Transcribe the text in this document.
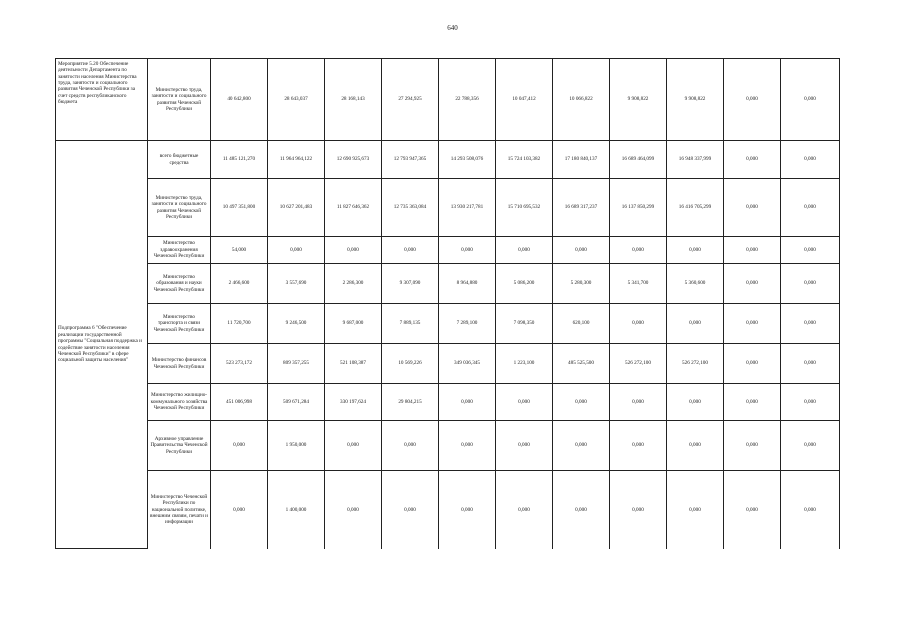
640
Мероприятие 5.20 Обеспечение деятельности Департамента по занятости населения Министерства труда, занятости и социального развития Чеченской Республики за счет средств республиканского бюджета	Министерство труда, занятости и социального развития Чеченской Республики	40 642,800	28 643,037	28 168,143	27 294,925	22 788,356	10 047,412	10 066,822	9 908,822	9 908,822	0,000	0,000
Подпрограмма 6 "Обеспечение реализации государственной программы "Социальная поддержка и содействие занятости населения Чеченской Республики" в сфере социальной защиты населения"	всего бюджетные средства	11 485 121,270	11 964 964,122	12 690 925,673	12 793 947,365	14 293 508,076	15 724 103,382	17 180 840,137	16 689 464,099	16 948 337,999	0,000	0,000
	Министерство труда, занятости и социального развития Чеченской Республики	10 497 351,800	10 627 201,483	11 827 646,362	12 735 363,084	13 930 217,781	15 710 695,532	16 689 317,237	16 137 850,299	16 416 705,299	0,000	0,000
	Министерство здравоохранения Чеченской Республики	54,000	0,000	0,000	0,000	0,000	0,000	0,000	0,000	0,000	0,000	0,000
	Министерство образования и науки Чеченской Республики	2 466,600	3 557,690	2 286,300	9 307,090	8 964,880	5 086,200	5 280,300	5 341,700	5 360,600	0,000	0,000
	Министерство транспорта и связи Чеченской Республики	11 720,700	9 246,500	9 687,000	7 889,135	7 289,100	7 098,350	620,100	0,000	0,000	0,000	0,000
	Министерство финансов Чеченской Республики	523 273,172	809 357,255	521 108,387	10 569,226	349 036,345	1 223,100	485 525,500	526 272,100	526 272,100	0,000	0,000
	Министерство жилищно-коммунального хозяйства Чеченской Республики	451 006,998	509 671,284	330 197,624	29 804,215	0,000	0,000	0,000	0,000	0,000	0,000	0,000
	Архивное управление Правительства Чеченской Республики	0,000	1 950,000	0,000	0,000	0,000	0,000	0,000	0,000	0,000	0,000	0,000
	Министерство Чеченской Республики по национальной политике, внешним связям, печати и информации	0,000	1 400,000	0,000	0,000	0,000	0,000	0,000	0,000	0,000	0,000	0,000
